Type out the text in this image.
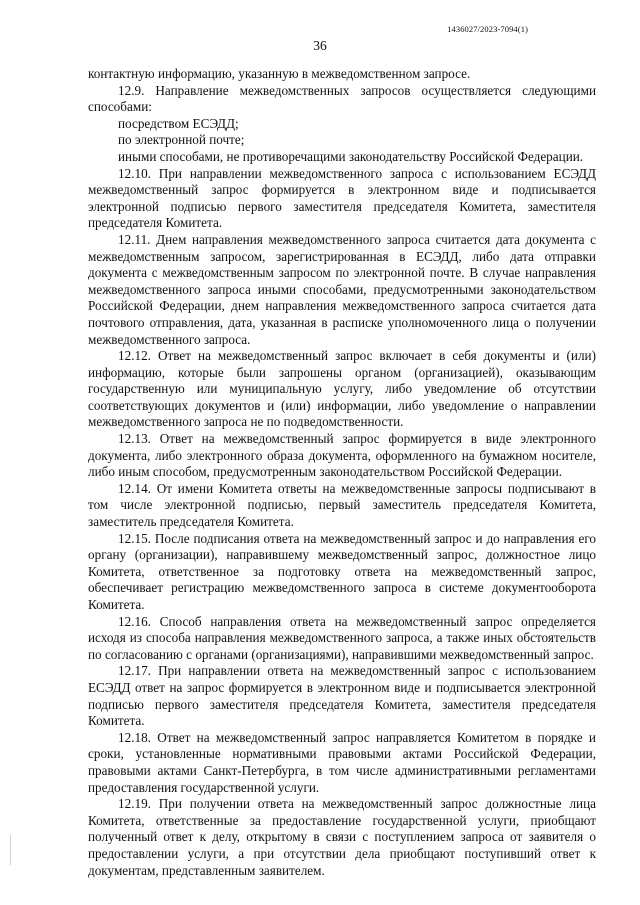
1436027/2023-7094(1)
36

контактную информацию, указанную в межведомственном запросе.

12.9. Направление межведомственных запросов осуществляется следующими способами:

посредством ЕСЭДД;

по электронной почте;

иными способами, не противоречащими законодательству Российской Федерации.

12.10. При направлении межведомственного запроса с использованием ЕСЭДД межведомственный запрос формируется в электронном виде и подписывается электронной подписью первого заместителя председателя Комитета, заместителя председателя Комитета.

12.11. Днем направления межведомственного запроса считается дата документа с межведомственным запросом, зарегистрированная в ЕСЭДД, либо дата отправки документа с межведомственным запросом по электронной почте. В случае направления межведомственного запроса иными способами, предусмотренными законодательством Российской Федерации, днем направления межведомственного запроса считается дата почтового отправления, дата, указанная в расписке уполномоченного лица о получении межведомственного запроса.

12.12. Ответ на межведомственный запрос включает в себя документы и (или) информацию, которые были запрошены органом (организацией), оказывающим государственную или муниципальную услугу, либо уведомление об отсутствии соответствующих документов и (или) информации, либо уведомление о направлении межведомственного запроса не по подведомственности.

12.13. Ответ на межведомственный запрос формируется в виде электронного документа, либо электронного образа документа, оформленного на бумажном носителе, либо иным способом, предусмотренным законодательством Российской Федерации.

12.14. От имени Комитета ответы на межведомственные запросы подписывают в том числе электронной подписью, первый заместитель председателя Комитета, заместитель председателя Комитета.

12.15. После подписания ответа на межведомственный запрос и до направления его органу (организации), направившему межведомственный запрос, должностное лицо Комитета, ответственное за подготовку ответа на межведомственный запрос, обеспечивает регистрацию межведомственного запроса в системе документооборота Комитета.

12.16. Способ направления ответа на межведомственный запрос определяется исходя из способа направления межведомственного запроса, а также иных обстоятельств по согласованию с органами (организациями), направившими межведомственный запрос.

12.17. При направлении ответа на межведомственный запрос с использованием ЕСЭДД ответ на запрос формируется в электронном виде и подписывается электронной подписью первого заместителя председателя Комитета, заместителя председателя Комитета.

12.18. Ответ на межведомственный запрос направляется Комитетом в порядке и сроки, установленные нормативными правовыми актами Российской Федерации, правовыми актами Санкт-Петербурга, в том числе административными регламентами предоставления государственной услуги.

12.19. При получении ответа на межведомственный запрос должностные лица Комитета, ответственные за предоставление государственной услуги, приобщают полученный ответ к делу, открытому в связи с поступлением запроса от заявителя о предоставлении услуги, а при отсутствии дела приобщают поступивший ответ к документам, представленным заявителем.
